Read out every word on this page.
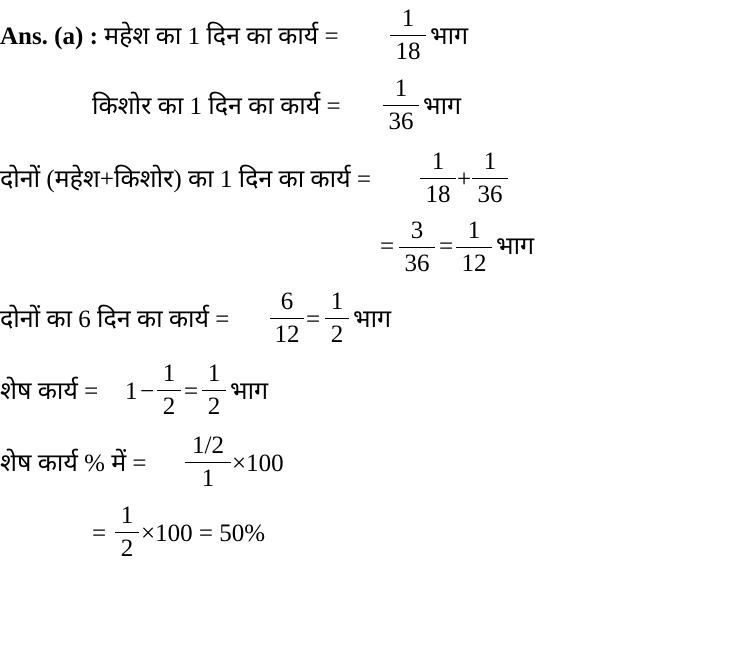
Ans. (a) : महेश का 1 दिन का कार्य =
1
18
भाग
किशोर का 1 दिन का कार्य =
1
36
भाग
दोनों (महेश+किशोर) का 1 दिन का कार्य =
1
18
+
1
36
=
3
36
=
1
12
भाग
दोनों का 6 दिन का कार्य =
6
12
=
1
2
भाग
शेष कार्य = 1 −
1
2
=
1
2
भाग
शेष कार्य % में =
1/2
1
×100
=
1
2
×100 = 50%
